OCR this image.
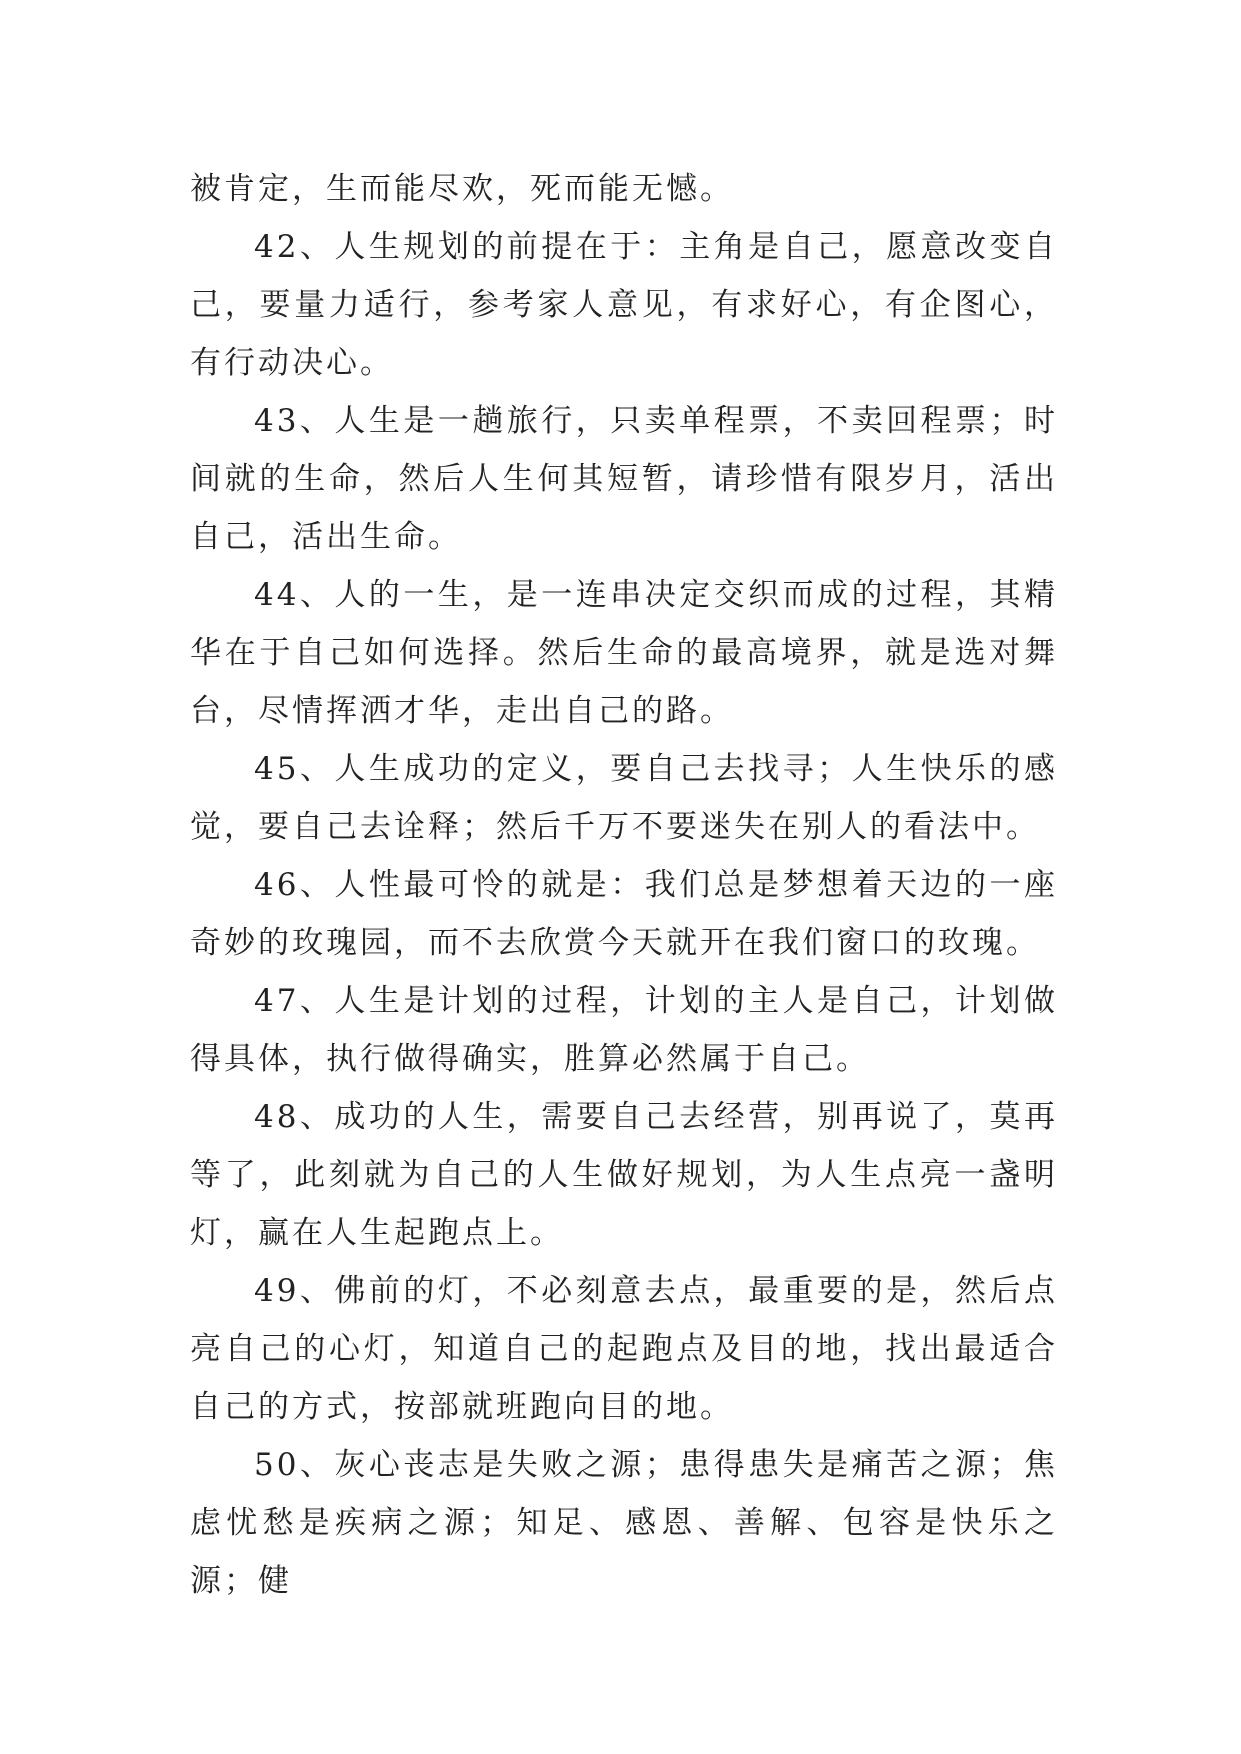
被肯定，生而能尽欢，死而能无憾。

42、人生规划的前提在于：主角是自己，愿意改变自己，要量力适行，参考家人意见，有求好心，有企图心，有行动决心。

43、人生是一趟旅行，只卖单程票，不卖回程票；时间就的生命，然后人生何其短暂，请珍惜有限岁月，活出自己，活出生命。

44、人的一生，是一连串决定交织而成的过程，其精华在于自己如何选择。然后生命的最高境界，就是选对舞台，尽情挥洒才华，走出自己的路。

45、人生成功的定义，要自己去找寻；人生快乐的感觉，要自己去诠释；然后千万不要迷失在别人的看法中。

46、人性最可怜的就是：我们总是梦想着天边的一座奇妙的玫瑰园，而不去欣赏今天就开在我们窗口的玫瑰。

47、人生是计划的过程，计划的主人是自己，计划做得具体，执行做得确实，胜算必然属于自己。

48、成功的人生，需要自己去经营，别再说了，莫再等了，此刻就为自己的人生做好规划，为人生点亮一盏明灯，赢在人生起跑点上。

49、佛前的灯，不必刻意去点，最重要的是，然后点亮自己的心灯，知道自己的起跑点及目的地，找出最适合自己的方式，按部就班跑向目的地。

50、灰心丧志是失败之源；患得患失是痛苦之源；焦虑忧愁是疾病之源；知足、感恩、善解、包容是快乐之源；健
